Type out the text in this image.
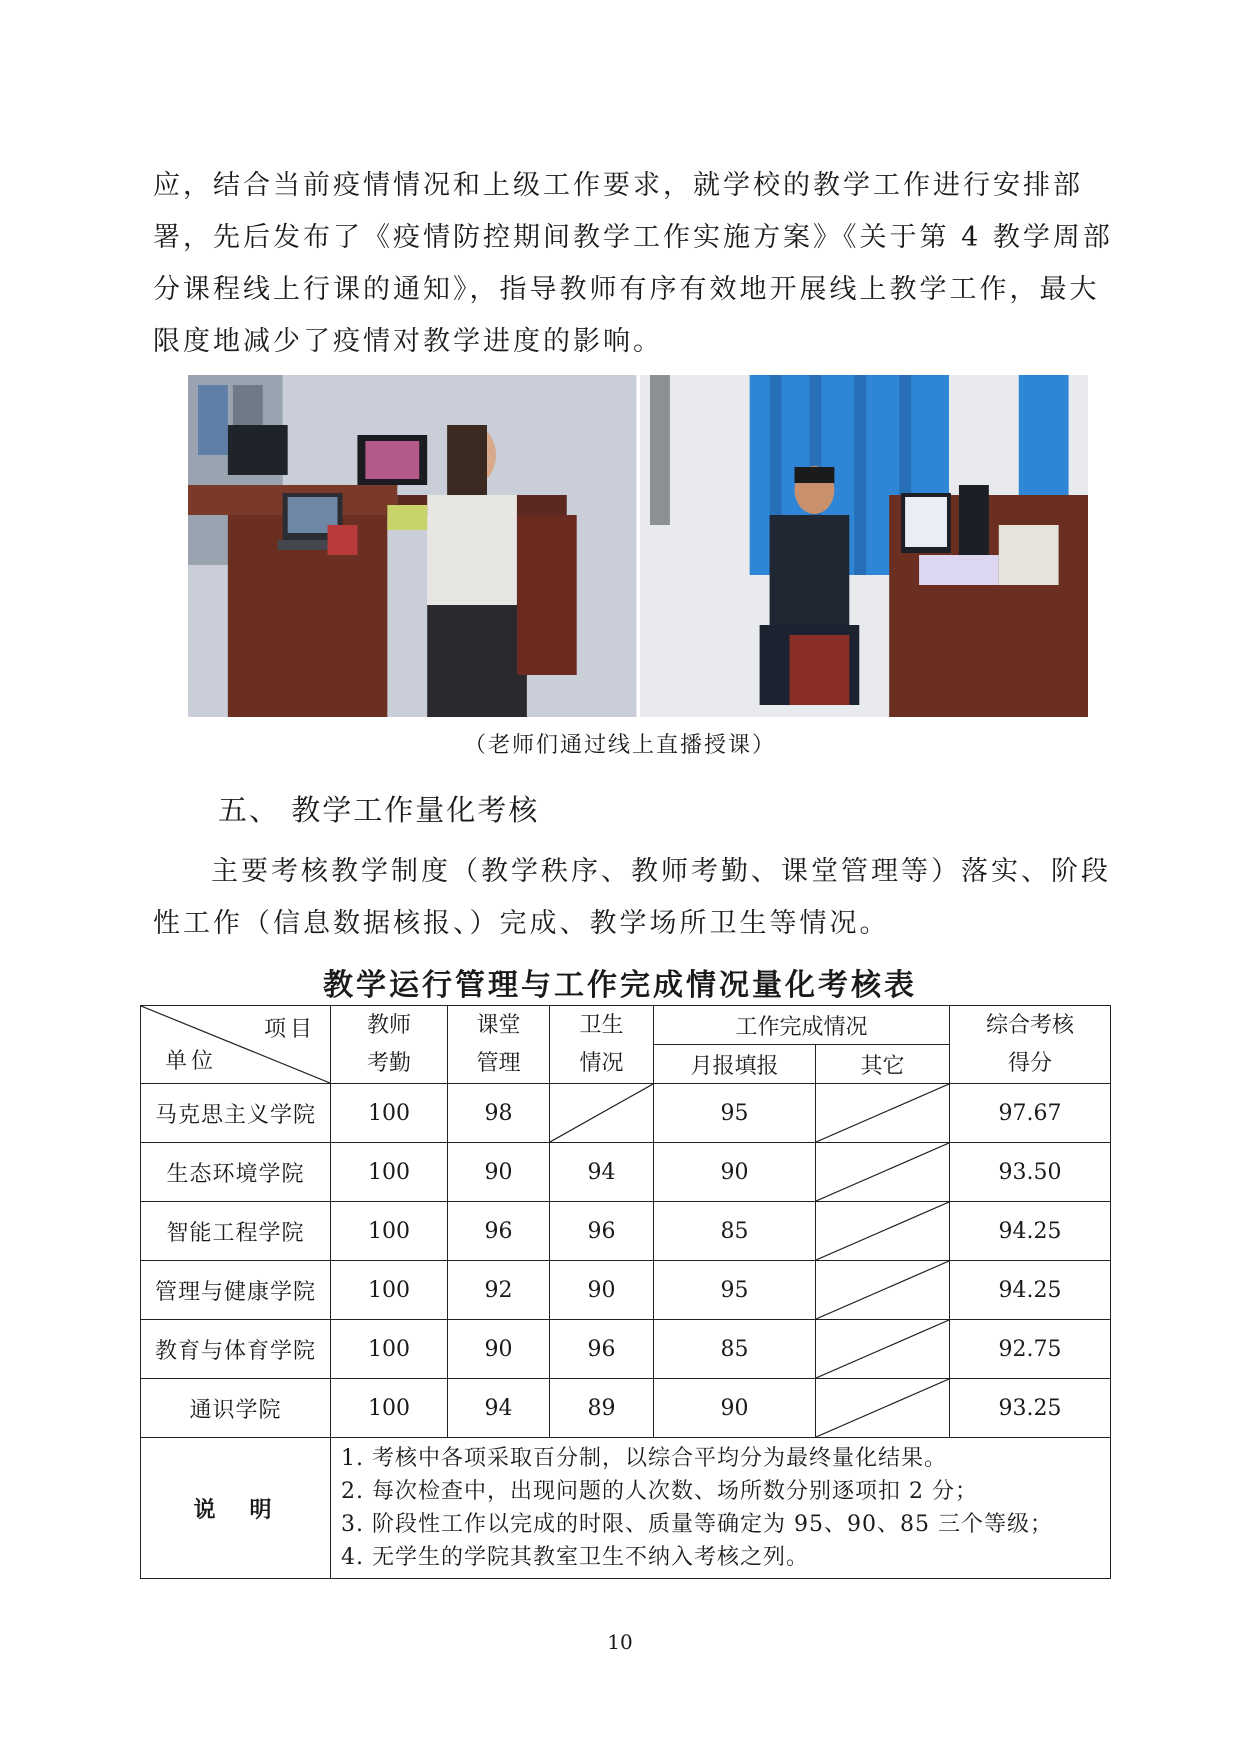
应，结合当前疫情情况和上级工作要求，就学校的教学工作进行安排部署，先后发布了《疫情防控期间教学工作实施方案》《关于第 4 教学周部分课程线上行课的通知》，指导教师有序有效地开展线上教学工作，最大限度地减少了疫情对教学进度的影响。

（老师们通过线上直播授课）
五、 教学工作量化考核

主要考核教学制度（教学秩序、教师考勤、课堂管理等）落实、阶段性工作（信息数据核报、）完成、教学场所卫生等情况。

教学运行管理与工作完成情况量化考核表
项目
单位	教师考勤	课堂管理	卫生情况	工作完成情况		综合考核得分
				月报填报	其它	
马克思主义学院	100	98		95		97.67
生态环境学院	100	90	94	90		93.50
智能工程学院	100	96	96	85		94.25
管理与健康学院	100	92	90	95		94.25
教育与体育学院	100	90	96	85		92.75
通识学院	100	94	89	90		93.25
说　明	1. 考核中各项采取百分制，以综合平均分为最终量化结果。
2. 每次检查中，出现问题的人次数、场所数分别逐项扣 2 分；
3. 阶段性工作以完成的时限、质量等确定为 95、90、85 三个等级；
4. 无学生的学院其教室卫生不纳入考核之列。					
10
